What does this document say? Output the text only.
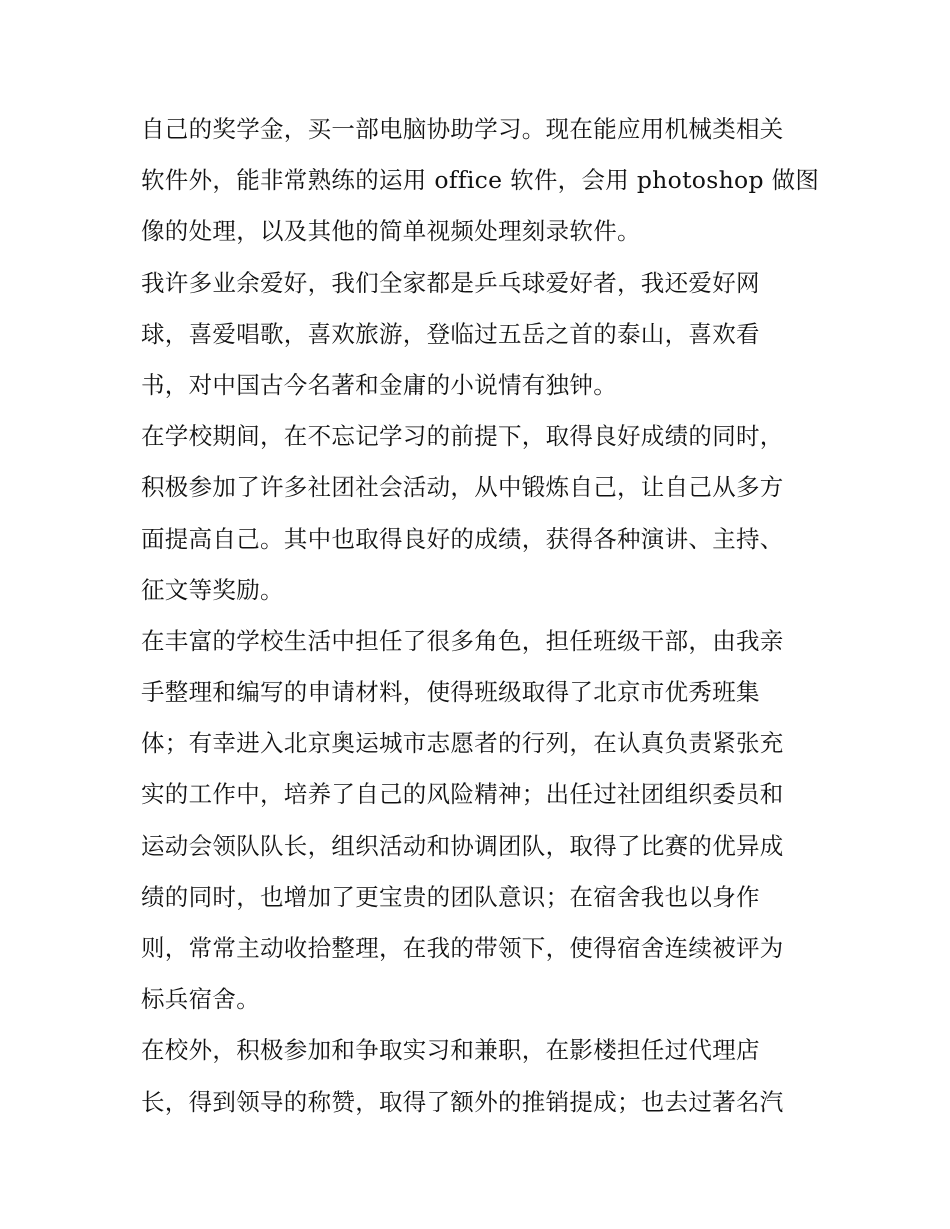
自己的奖学金，买一部电脑协助学习。现在能应用机械类相关
软件外，能非常熟练的运用 office 软件，会用 photoshop 做图
像的处理，以及其他的简单视频处理刻录软件。
我许多业余爱好，我们全家都是乒乓球爱好者，我还爱好网
球，喜爱唱歌，喜欢旅游，登临过五岳之首的泰山，喜欢看
书，对中国古今名著和金庸的小说情有独钟。
在学校期间，在不忘记学习的前提下，取得良好成绩的同时，
积极参加了许多社团社会活动，从中锻炼自己，让自己从多方
面提高自己。其中也取得良好的成绩，获得各种演讲、主持、
征文等奖励。
在丰富的学校生活中担任了很多角色，担任班级干部，由我亲
手整理和编写的申请材料，使得班级取得了北京市优秀班集
体；有幸进入北京奥运城市志愿者的行列，在认真负责紧张充
实的工作中，培养了自己的风险精神；出任过社团组织委员和
运动会领队队长，组织活动和协调团队，取得了比赛的优异成
绩的同时，也增加了更宝贵的团队意识；在宿舍我也以身作
则，常常主动收拾整理，在我的带领下，使得宿舍连续被评为
标兵宿舍。
在校外，积极参加和争取实习和兼职，在影楼担任过代理店
长，得到领导的称赞，取得了额外的推销提成；也去过著名汽
